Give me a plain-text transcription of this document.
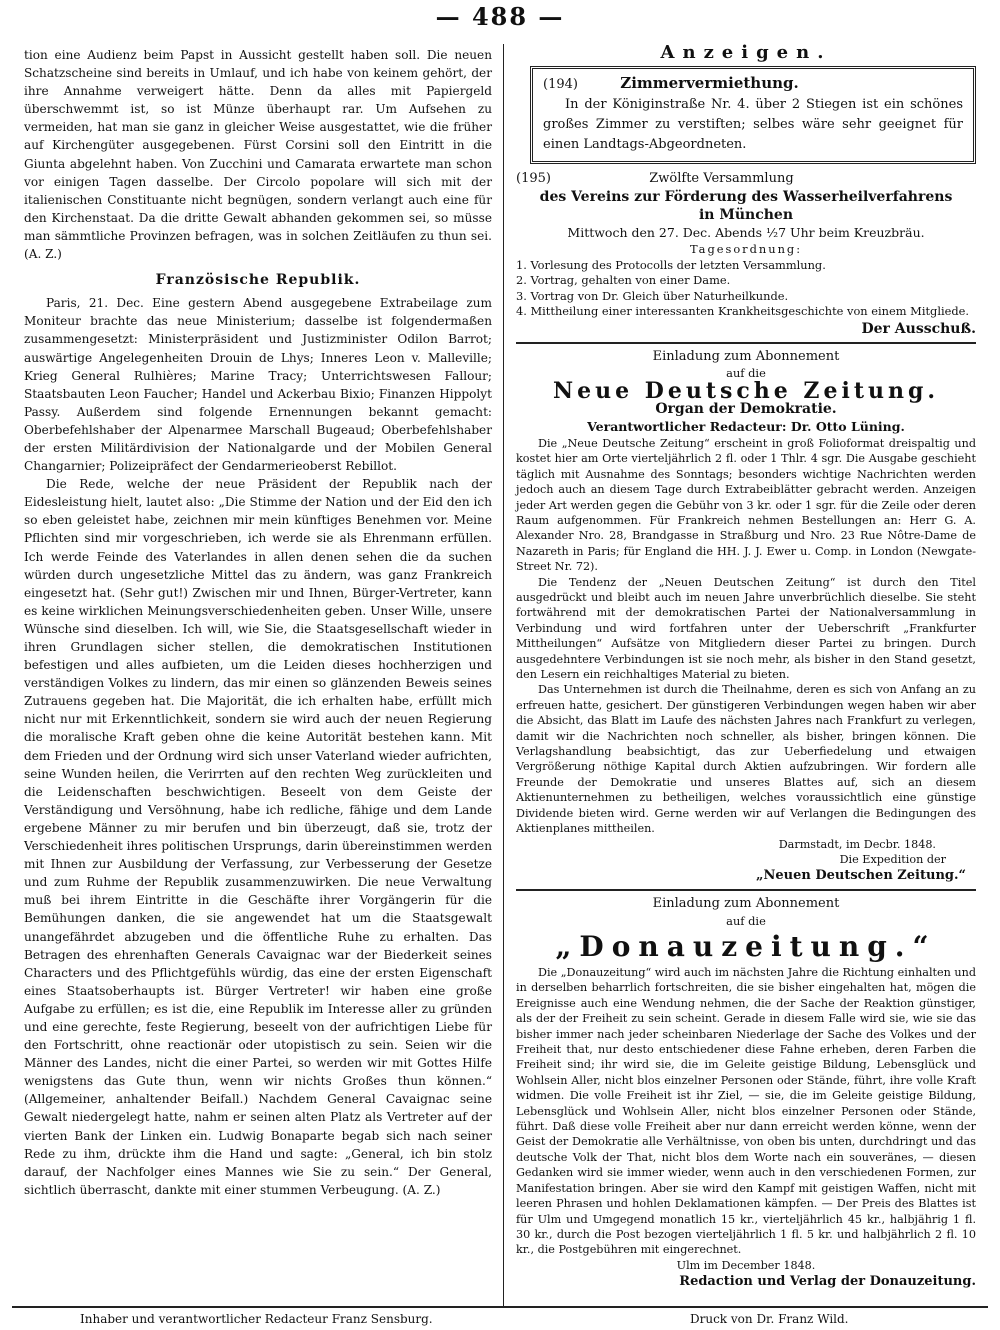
— 488 —

tion eine Audienz beim Papst in Aussicht gestellt haben soll. Die neuen Schatzscheine sind bereits in Umlauf, und ich habe von keinem gehört, der ihre Annahme verweigert hätte. Denn da alles mit Papiergeld überschwemmt ist, so ist Münze überhaupt rar. Um Aufsehen zu vermeiden, hat man sie ganz in gleicher Weise ausgestattet, wie die früher auf Kirchengüter ausgegebenen. Fürst Corsini soll den Eintritt in die Giunta abgelehnt haben. Von Zucchini und Camarata erwartete man schon vor einigen Tagen dasselbe. Der Circolo popolare will sich mit der italienischen Constituante nicht begnügen, sondern verlangt auch eine für den Kirchenstaat. Da die dritte Gewalt abhanden gekommen sei, so müsse man sämmtliche Provinzen befragen, was in solchen Zeitläufen zu thun sei. (A. Z.)

Französische Republik.

Paris, 21. Dec. Eine gestern Abend ausgegebene Extrabeilage zum Moniteur brachte das neue Ministerium; dasselbe ist folgendermaßen zusammengesetzt: Ministerpräsident und Justizminister Odilon Barrot; auswärtige Angelegenheiten Drouin de Lhys; Inneres Leon v. Malleville; Krieg General Rulhières; Marine Tracy; Unterrichtswesen Fallour; Staatsbauten Leon Faucher; Handel und Ackerbau Bixio; Finanzen Hippolyt Passy. Außerdem sind folgende Ernennungen bekannt gemacht: Oberbefehlshaber der Alpenarmee Marschall Bugeaud; Oberbefehlshaber der ersten Militärdivision der Nationalgarde und der Mobilen General Changarnier; Polizeipräfect der Gendarmerieoberst Rebillot.

Die Rede, welche der neue Präsident der Republik nach der Eidesleistung hielt, lautet also: „Die Stimme der Nation und der Eid den ich so eben geleistet habe, zeichnen mir mein künftiges Benehmen vor. Meine Pflichten sind mir vorgeschrieben, ich werde sie als Ehrenmann erfüllen. Ich werde Feinde des Vaterlandes in allen denen sehen die da suchen würden durch ungesetzliche Mittel das zu ändern, was ganz Frankreich eingesetzt hat. (Sehr gut!) Zwischen mir und Ihnen, Bürger-Vertreter, kann es keine wirklichen Meinungsverschiedenheiten geben. Unser Wille, unsere Wünsche sind dieselben. Ich will, wie Sie, die Staatsgesellschaft wieder in ihren Grundlagen sicher stellen, die demokratischen Institutionen befestigen und alles aufbieten, um die Leiden dieses hochherzigen und verständigen Volkes zu lindern, das mir einen so glänzenden Beweis seines Zutrauens gegeben hat. Die Majorität, die ich erhalten habe, erfüllt mich nicht nur mit Erkenntlichkeit, sondern sie wird auch der neuen Regierung die moralische Kraft geben ohne die keine Autorität bestehen kann. Mit dem Frieden und der Ordnung wird sich unser Vaterland wieder aufrichten, seine Wunden heilen, die Verirrten auf den rechten Weg zurückleiten und die Leidenschaften beschwichtigen. Beseelt von dem Geiste der Verständigung und Versöhnung, habe ich redliche, fähige und dem Lande ergebene Männer zu mir berufen und bin überzeugt, daß sie, trotz der Verschiedenheit ihres politischen Ursprungs, darin übereinstimmen werden mit Ihnen zur Ausbildung der Verfassung, zur Verbesserung der Gesetze und zum Ruhme der Republik zusammenzuwirken. Die neue Verwaltung muß bei ihrem Eintritte in die Geschäfte ihrer Vorgängerin für die Bemühungen danken, die sie angewendet hat um die Staatsgewalt unangefährdet abzugeben und die öffentliche Ruhe zu erhalten. Das Betragen des ehrenhaften Generals Cavaignac war der Biederkeit seines Characters und des Pflichtgefühls würdig, das eine der ersten Eigenschaft eines Staatsoberhaupts ist. Bürger Vertreter! wir haben eine große Aufgabe zu erfüllen; es ist die, eine Republik im Interesse aller zu gründen und eine gerechte, feste Regierung, beseelt von der aufrichtigen Liebe für den Fortschritt, ohne reactionär oder utopistisch zu sein. Seien wir die Männer des Landes, nicht die einer Partei, so werden wir mit Gottes Hilfe wenigstens das Gute thun, wenn wir nichts Großes thun können.“ (Allgemeiner, anhaltender Beifall.) Nachdem General Cavaignac seine Gewalt niedergelegt hatte, nahm er seinen alten Platz als Vertreter auf der vierten Bank der Linken ein. Ludwig Bonaparte begab sich nach seiner Rede zu ihm, drückte ihm die Hand und sagte: „General, ich bin stolz darauf, der Nachfolger eines Mannes wie Sie zu sein.“ Der General, sichtlich überrascht, dankte mit einer stummen Verbeugung. (A. Z.)

Anzeigen.
(194)	Zimmervermiethung.
In der Königinstraße Nr. 4. über 2 Stiegen ist ein schönes großes Zimmer zu verstiften; selbes wäre sehr geeignet für einen Landtags-Abgeordneten.
(195)	Zwölfte Versammlung
des Vereins zur Förderung des Wasserheilverfahrens
in München
Mittwoch den 27. Dec. Abends ½7 Uhr beim Kreuzbräu.
Tagesordnung:
1. Vorlesung des Protocolls der letzten Versammlung.
2. Vortrag, gehalten von einer Dame.
3. Vortrag von Dr. Gleich über Naturheilkunde.
4. Mittheilung einer interessanten Krankheitsgeschichte von einem Mitgliede.
Der Ausschuß.
Einladung zum Abonnement
auf die
Neue Deutsche Zeitung.
Organ der Demokratie.
Verantwortlicher Redacteur: Dr. Otto Lüning.

Die „Neue Deutsche Zeitung“ erscheint in groß Folioformat dreispaltig und kostet hier am Orte vierteljährlich 2 fl. oder 1 Thlr. 4 sgr. Die Ausgabe geschieht täglich mit Ausnahme des Sonntags; besonders wichtige Nachrichten werden jedoch auch an diesem Tage durch Extrabeiblätter gebracht werden. Anzeigen jeder Art werden gegen die Gebühr von 3 kr. oder 1 sgr. für die Zeile oder deren Raum aufgenommen. Für Frankreich nehmen Bestellungen an: Herr G. A. Alexander Nro. 28, Brandgasse in Straßburg und Nro. 23 Rue Nôtre-Dame de Nazareth in Paris; für England die HH. J. J. Ewer u. Comp. in London (Newgate-Street Nr. 72).

Die Tendenz der „Neuen Deutschen Zeitung“ ist durch den Titel ausgedrückt und bleibt auch im neuen Jahre unverbrüchlich dieselbe. Sie steht fortwährend mit der demokratischen Partei der Nationalversammlung in Verbindung und wird fortfahren unter der Ueberschrift „Frankfurter Mittheilungen“ Aufsätze von Mitgliedern dieser Partei zu bringen. Durch ausgedehntere Verbindungen ist sie noch mehr, als bisher in den Stand gesetzt, den Lesern ein reichhaltiges Material zu bieten.

Das Unternehmen ist durch die Theilnahme, deren es sich von Anfang an zu erfreuen hatte, gesichert. Der günstigeren Verbindungen wegen haben wir aber die Absicht, das Blatt im Laufe des nächsten Jahres nach Frankfurt zu verlegen, damit wir die Nachrichten noch schneller, als bisher, bringen können. Die Verlagshandlung beabsichtigt, das zur Ueberfiedelung und etwaigen Vergrößerung nöthige Kapital durch Aktien aufzubringen. Wir fordern alle Freunde der Demokratie und unseres Blattes auf, sich an diesem Aktienunternehmen zu betheiligen, welches voraussichtlich eine günstige Dividende bieten wird. Gerne werden wir auf Verlangen die Bedingungen des Aktienplanes mittheilen.

Darmstadt, im Decbr. 1848.
Die Expedition der
„Neuen Deutschen Zeitung.“
Einladung zum Abonnement
auf die
„Donauzeitung.“

Die „Donauzeitung“ wird auch im nächsten Jahre die Richtung einhalten und in derselben beharrlich fortschreiten, die sie bisher eingehalten hat, mögen die Ereignisse auch eine Wendung nehmen, die der Sache der Reaktion günstiger, als der der Freiheit zu sein scheint. Gerade in diesem Falle wird sie, wie sie das bisher immer nach jeder scheinbaren Niederlage der Sache des Volkes und der Freiheit that, nur desto entschiedener diese Fahne erheben, deren Farben die Freiheit sind; ihr wird sie, die im Geleite geistige Bildung, Lebensglück und Wohlsein Aller, nicht blos einzelner Personen oder Stände, führt, ihre volle Kraft widmen. Die volle Freiheit ist ihr Ziel, — sie, die im Geleite geistige Bildung, Lebensglück und Wohlsein Aller, nicht blos einzelner Personen oder Stände, führt. Daß diese volle Freiheit aber nur dann erreicht werden könne, wenn der Geist der Demokratie alle Verhältnisse, von oben bis unten, durchdringt und das deutsche Volk der That, nicht blos dem Worte nach ein souveränes, — diesen Gedanken wird sie immer wieder, wenn auch in den verschiedenen Formen, zur Manifestation bringen. Aber sie wird den Kampf mit geistigen Waffen, nicht mit leeren Phrasen und hohlen Deklamationen kämpfen. — Der Preis des Blattes ist für Ulm und Umgegend monatlich 15 kr., vierteljährlich 45 kr., halbjährig 1 fl. 30 kr., durch die Post bezogen vierteljährlich 1 fl. 5 kr. und halbjährlich 2 fl. 10 kr., die Postgebühren mit eingerechnet.

Ulm im December 1848.
Redaction und Verlag der Donauzeitung.
Inhaber und verantwortlicher Redacteur Franz Sensburg.	Druck von Dr. Franz Wild.
